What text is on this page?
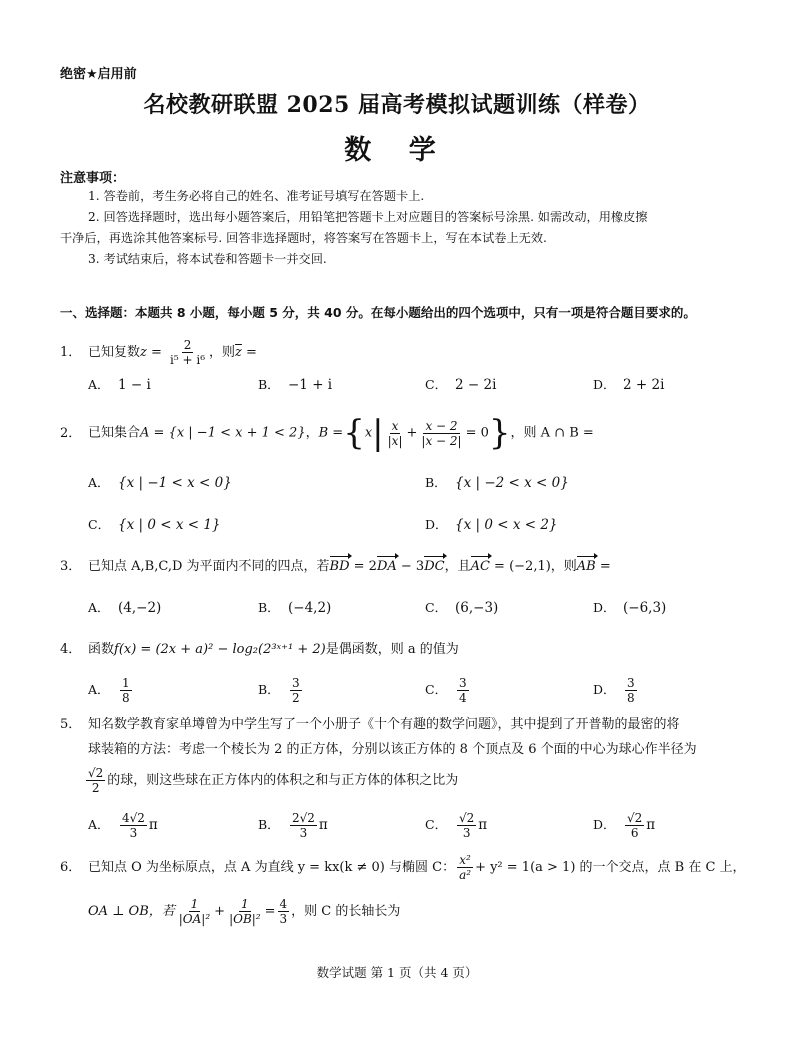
绝密★启用前
名校教研联盟 2025 届高考模拟试题训练（样卷）
数 学
注意事项：
1. 答卷前，考生务必将自己的姓名、准考证号填写在答题卡上.
2. 回答选择题时，选出每小题答案后，用铅笔把答题卡上对应题目的答案标号涂黑. 如需改动，用橡皮擦
干净后，再选涂其他答案标号. 回答非选择题时，将答案写在答题卡上，写在本试卷上无效.
3. 考试结束后，将本试卷和答题卡一并交回.
一、选择题：本题共 8 小题，每小题 5 分，共 40 分。在每小题给出的四个选项中，只有一项是符合题目要求的。
1． 已知复数$z = \frac{2}{\text{i⁵ + i⁶}}$ ，则$\overline{z}$ =
A． 1 − i	B． −1 + i	C． 2 − 2i	D． 2 + 2i
2． 已知集合A = {x | −1 < x + 1 < 2}，$B =\{x| \frac{x}{|x|} + \frac{x - 2}{|x - 2|} = 0\}$，则 A ∩ B =
A． {x | −1 < x < 0}	B． {x | −2 < x < 0}
C． {x | 0 < x < 1}	D． {x | 0 < x < 2}
3． 已知点 A,B,C,D 为平面内不同的四点，若BD = 2DA − 3DC，且AC = (−2,1)，则AB =
A． (4,−2)	B． (−4,2)	C． (6,−3)	D． (−6,3)
4． 函数f(x) = (2x + a)² − log₂(2³ˣ⁺¹ + 2)是偶函数，则 a 的值为
A． $\frac{1}{8}$	B． $\frac{3}{2}$	C． $\frac{3}{4}$	D． $\frac{3}{8}$
5． 知名数学教育家单墫曾为中学生写了一个小册子《十个有趣的数学问题》，其中提到了开普勒的最密的将
球装箱的方法：考虑一个棱长为 2 的正方体，分别以该正方体的 8 个顶点及 6 个面的中心为球心作半径为
$\frac{√2}{2}$ 的球，则这些球在正方体内的体积之和与正方体的体积之比为
A． $\frac{4√2}{3}$ π	B． $\frac{2√2}{3}$ π	C． $\frac{√2}{3}$ π	D． $\frac{√2}{6}$ π
6． 已知点 O 为坐标原点，点 A 为直线 y = kx(k ≠ 0) 与椭圆 C： $\frac{\text{x²}}{\text{a²}} + y^2 = 1(a > 1)$ 的一个交点，点 B 在 C 上，
OA ⊥ OB，若 $\frac{1}{\text{|OA|²}} + \frac{1}{\text{|OB|²}} = \frac{4}{3}$ ，则 C 的长轴长为
数学试题 第 1 页（共 4 页）
